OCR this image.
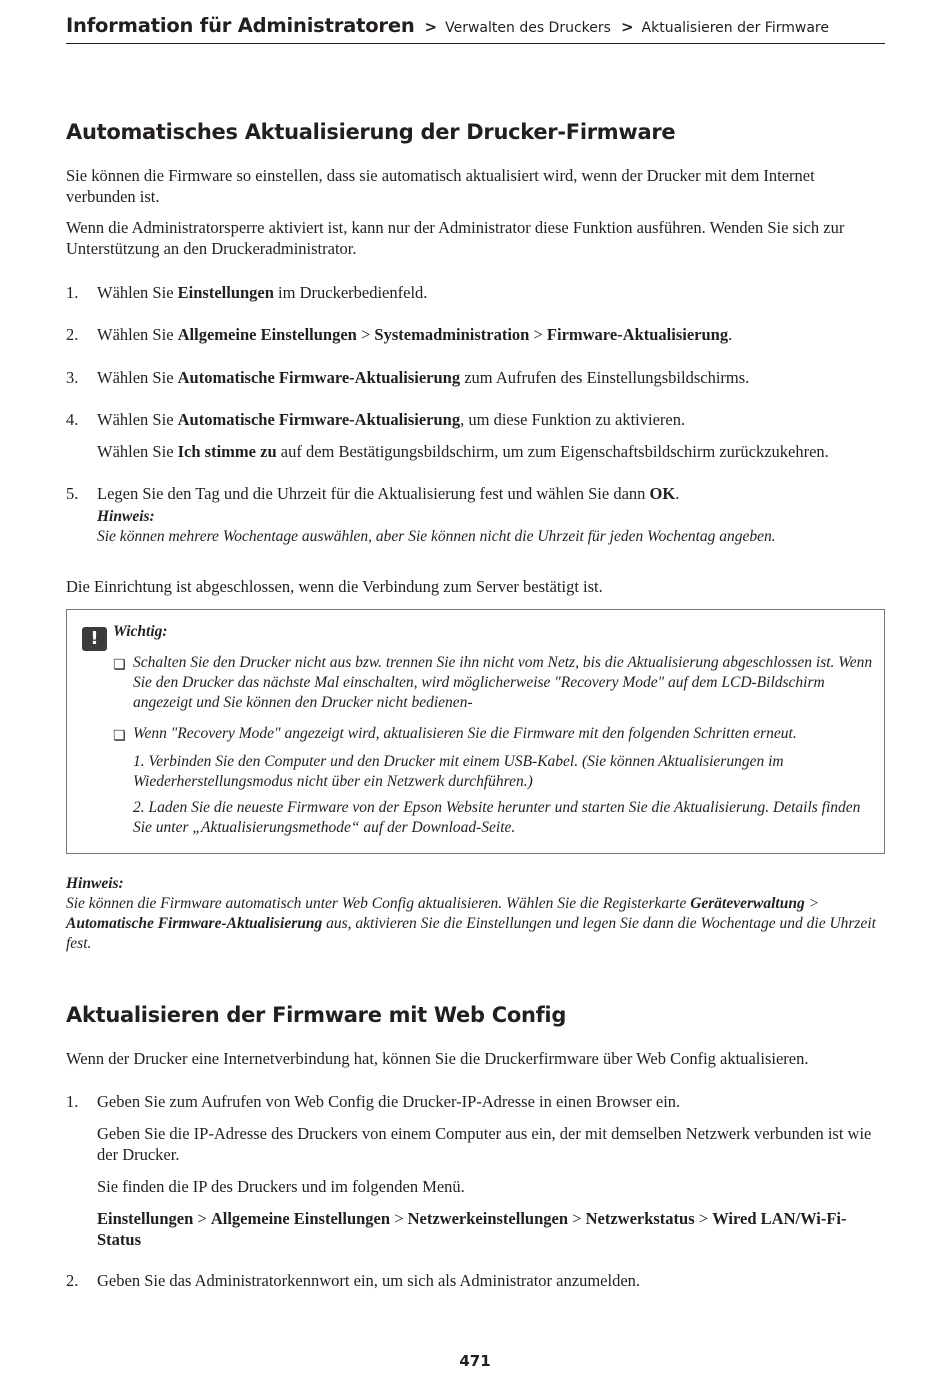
Information für Administratoren > Verwalten des Druckers > Aktualisieren der Firmware
Automatisches Aktualisierung der Drucker-Firmware

Sie können die Firmware so einstellen, dass sie automatisch aktualisiert wird, wenn der Drucker mit dem Internet verbunden ist.

Wenn die Administratorsperre aktiviert ist, kann nur der Administrator diese Funktion ausführen. Wenden Sie sich zur Unterstützung an den Druckeradministrator.

1. Wählen Sie Einstellungen im Druckerbedienfeld.
2. Wählen Sie Allgemeine Einstellungen > Systemadministration > Firmware-Aktualisierung.
3. Wählen Sie Automatische Firmware-Aktualisierung zum Aufrufen des Einstellungsbildschirms.
4. Wählen Sie Automatische Firmware-Aktualisierung, um diese Funktion zu aktivieren.
Wählen Sie Ich stimme zu auf dem Bestätigungsbildschirm, um zum Eigenschaftsbildschirm zurückzukehren.
5. Legen Sie den Tag und die Uhrzeit für die Aktualisierung fest und wählen Sie dann OK.
Hinweis:
Sie können mehrere Wochentage auswählen, aber Sie können nicht die Uhrzeit für jeden Wochentag angeben.

Die Einrichtung ist abgeschlossen, wenn die Verbindung zum Server bestätigt ist.

! Wichtig:
❏ Schalten Sie den Drucker nicht aus bzw. trennen Sie ihn nicht vom Netz, bis die Aktualisierung abgeschlossen ist. Wenn Sie den Drucker das nächste Mal einschalten, wird möglicherweise "Recovery Mode" auf dem LCD-Bildschirm angezeigt und Sie können den Drucker nicht bedienen-
❏ Wenn "Recovery Mode" angezeigt wird, aktualisieren Sie die Firmware mit den folgenden Schritten erneut.
1. Verbinden Sie den Computer und den Drucker mit einem USB-Kabel. (Sie können Aktualisierungen im Wiederherstellungsmodus nicht über ein Netzwerk durchführen.)
2. Laden Sie die neueste Firmware von der Epson Website herunter und starten Sie die Aktualisierung. Details finden Sie unter „Aktualisierungsmethode“ auf der Download-Seite.
Hinweis:
Sie können die Firmware automatisch unter Web Config aktualisieren. Wählen Sie die Registerkarte Geräteverwaltung > Automatische Firmware-Aktualisierung aus, aktivieren Sie die Einstellungen und legen Sie dann die Wochentage und die Uhrzeit fest.
Aktualisieren der Firmware mit Web Config

Wenn der Drucker eine Internetverbindung hat, können Sie die Druckerfirmware über Web Config aktualisieren.

1. Geben Sie zum Aufrufen von Web Config die Drucker-IP-Adresse in einen Browser ein.
Geben Sie die IP-Adresse des Druckers von einem Computer aus ein, der mit demselben Netzwerk verbunden ist wie der Drucker.
Sie finden die IP des Druckers und im folgenden Menü.
Einstellungen > Allgemeine Einstellungen > Netzwerkeinstellungen > Netzwerkstatus > Wired LAN/Wi-Fi-Status
2. Geben Sie das Administratorkennwort ein, um sich als Administrator anzumelden.
471
